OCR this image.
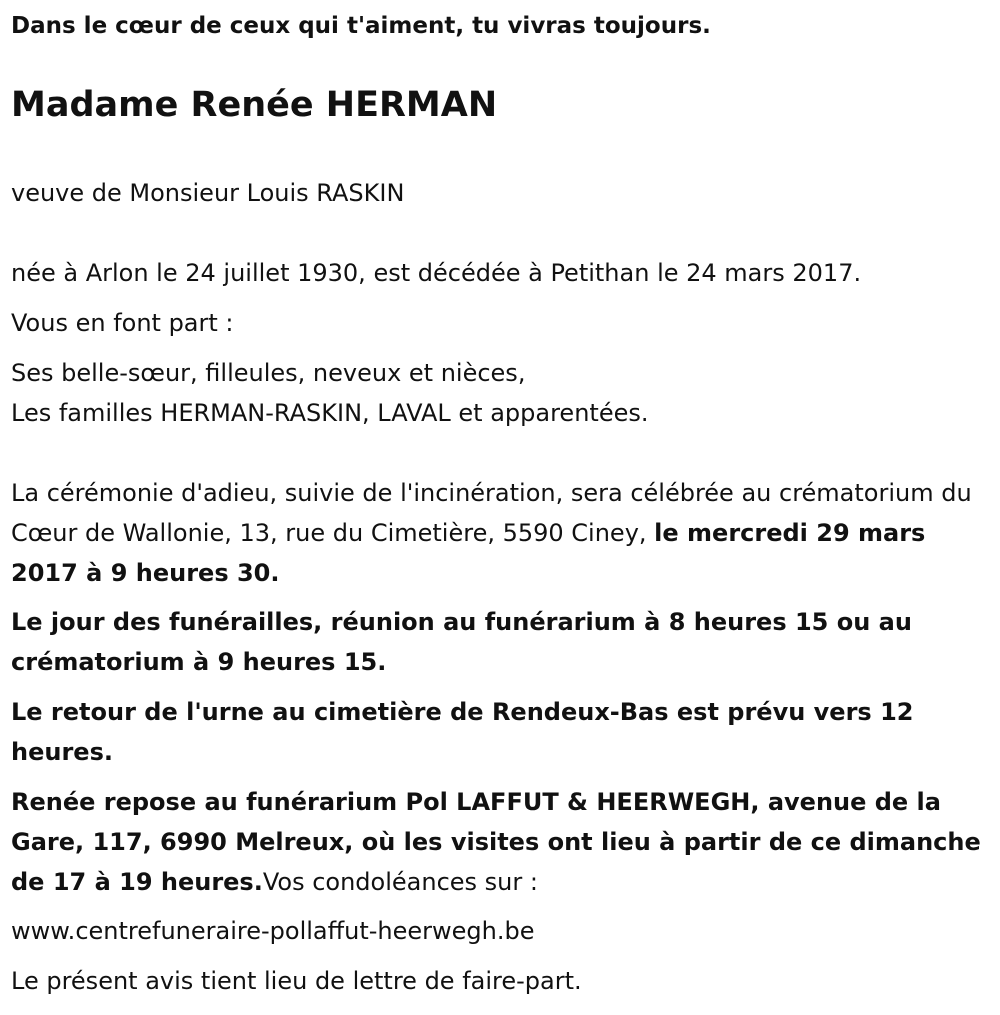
Dans le cœur de ceux qui t'aiment, tu vivras toujours.
Madame Renée HERMAN
veuve de Monsieur Louis RASKIN
née à Arlon le 24 juillet 1930, est décédée à Petithan le 24 mars 2017.
Vous en font part :
Ses belle-sœur, filleules, neveux et nièces,
Les familles HERMAN-RASKIN, LAVAL et apparentées.
La cérémonie d'adieu, suivie de l'incinération, sera célébrée au crématorium du Cœur de Wallonie, 13, rue du Cimetière, 5590 Ciney, le mercredi 29 mars 2017 à 9 heures 30.
Le jour des funérailles, réunion au funérarium à 8 heures 15 ou au crématorium à 9 heures 15.
Le retour de l'urne au cimetière de Rendeux-Bas est prévu vers 12 heures.
Renée repose au funérarium Pol LAFFUT & HEERWEGH, avenue de la Gare, 117, 6990 Melreux, où les visites ont lieu à partir de ce dimanche de 17 à 19 heures.Vos condoléances sur :
www.centrefuneraire-pollaffut-heerwegh.be
Le présent avis tient lieu de lettre de faire-part.
